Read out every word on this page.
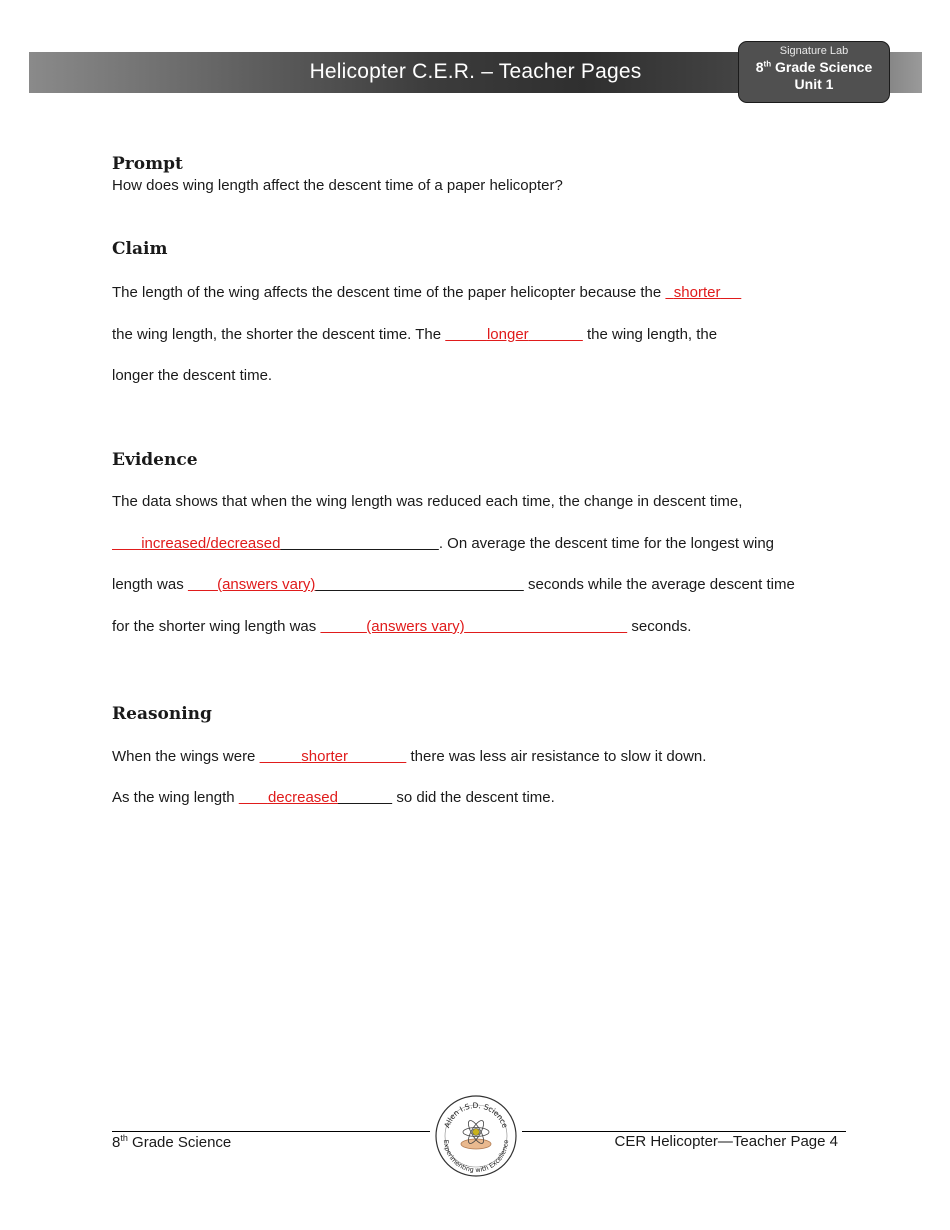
Helicopter C.E.R. – Teacher Pages
Signature Lab
8th Grade Science
Unit 1
Prompt
How does wing length affect the descent time of a paper helicopter?
Claim
The length of the wing affects the descent time of the paper helicopter because the   shorter
the wing length, the shorter the descent time. The	longer	the wing length, the
longer the descent time.
Evidence
The data shows that when the wing length was reduced each time, the change in descent time,
increased/decreased	. On average the descent time for the longest wing
length was        (answers vary)	seconds while the average descent time
for the shorter wing length was	(answers vary)	seconds.
Reasoning
When the wings were	shorter	there was less air resistance to slow it down.
As the wing length        decreased	so did the descent time.
8th Grade Science	CER Helicopter—Teacher Page 4
Allen I.S.D. Science
Experimenting with Excellence
